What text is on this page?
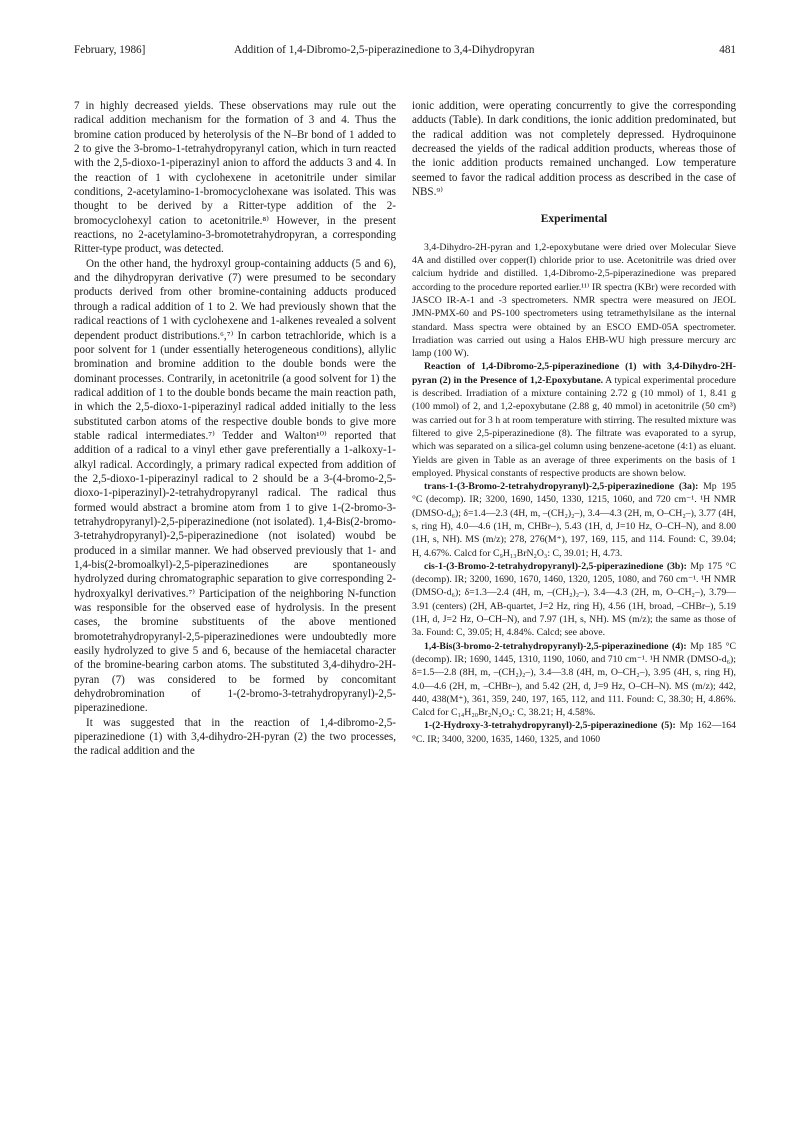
February, 1986]	Addition of 1,4-Dibromo-2,5-piperazinedione to 3,4-Dihydropyran	481

7 in highly decreased yields. These observations may rule out the radical addition mechanism for the formation of 3 and 4. Thus the bromine cation produced by heterolysis of the N–Br bond of 1 added to 2 to give the 3-bromo-1-tetrahydropyranyl cation, which in turn reacted with the 2,5-dioxo-1-piperazinyl anion to afford the adducts 3 and 4. In the reaction of 1 with cyclohexene in acetonitrile under similar conditions, 2-acetylamino-1-bromocyclohexane was isolated. This was thought to be derived by a Ritter-type addition of the 2-bromocyclohexyl cation to acetonitrile.⁸⁾ However, in the present reactions, no 2-acetylamino-3-bromotetrahydropyran, a corresponding Ritter-type product, was detected.

On the other hand, the hydroxyl group-containing adducts (5 and 6), and the dihydropyran derivative (7) were presumed to be secondary products derived from other bromine-containing adducts produced through a radical addition of 1 to 2. We had previously shown that the radical reactions of 1 with cyclohexene and 1-alkenes revealed a solvent dependent product distributions.⁶,⁷⁾ In carbon tetrachloride, which is a poor solvent for 1 (under essentially heterogeneous conditions), allylic bromination and bromine addition to the double bonds were the dominant processes. Contrarily, in acetonitrile (a good solvent for 1) the radical addition of 1 to the double bonds became the main reaction path, in which the 2,5-dioxo-1-piperazinyl radical added initially to the less substituted carbon atoms of the respective double bonds to give more stable radical intermediates.⁷⁾ Tedder and Walton¹⁰⁾ reported that addition of a radical to a vinyl ether gave preferentially a 1-alkoxy-1-alkyl radical. Accordingly, a primary radical expected from addition of the 2,5-dioxo-1-piperazinyl radical to 2 should be a 3-(4-bromo-2,5-dioxo-1-piperazinyl)-2-tetrahydropyranyl radical. The radical thus formed would abstract a bromine atom from 1 to give 1-(2-bromo-3-tetrahydropyranyl)-2,5-piperazinedione (not isolated). 1,4-Bis(2-bromo-3-tetrahydropyranyl)-2,5-piperazinedione (not isolated) woubd be produced in a similar manner. We had observed previously that 1- and 1,4-bis(2-bromoalkyl)-2,5-piperazinediones are spontaneously hydrolyzed during chromatographic separation to give corresponding 2-hydroxyalkyl derivatives.⁷⁾ Participation of the neighboring N-function was responsible for the observed ease of hydrolysis. In the present cases, the bromine substituents of the above mentioned bromotetrahydropyranyl-2,5-piperazinediones were undoubtedly more easily hydrolyzed to give 5 and 6, because of the hemiacetal character of the bromine-bearing carbon atoms. The substituted 3,4-dihydro-2H-pyran (7) was considered to be formed by concomitant dehydrobromination of 1-(2-bromo-3-tetrahydropyranyl)-2,5-piperazinedione.

It was suggested that in the reaction of 1,4-dibromo-2,5-piperazinedione (1) with 3,4-dihydro-2H-pyran (2) the two processes, the radical addition and the

ionic addition, were operating concurrently to give the corresponding adducts (Table). In dark conditions, the ionic addition predominated, but the radical addition was not completely depressed. Hydroquinone decreased the yields of the radical addition products, whereas those of the ionic addition products remained unchanged. Low temperature seemed to favor the radical addition process as described in the case of NBS.⁹⁾

Experimental

3,4-Dihydro-2H-pyran and 1,2-epoxybutane were dried over Molecular Sieve 4A and distilled over copper(I) chloride prior to use. Acetonitrile was dried over calcium hydride and distilled. 1,4-Dibromo-2,5-piperazinedione was prepared according to the procedure reported earlier.¹¹⁾ IR spectra (KBr) were recorded with JASCO IR-A-1 and -3 spectrometers. NMR spectra were measured on JEOL JMN-PMX-60 and PS-100 spectrometers using tetramethylsilane as the internal standard. Mass spectra were obtained by an ESCO EMD-05A spectrometer. Irradiation was carried out using a Halos EHB-WU high pressure mercury arc lamp (100 W).

Reaction of 1,4-Dibromo-2,5-piperazinedione (1) with 3,4-Dihydro-2H-pyran (2) in the Presence of 1,2-Epoxybutane. A typical experimental procedure is described. Irradiation of a mixture containing 2.72 g (10 mmol) of 1, 8.41 g (100 mmol) of 2, and 1,2-epoxybutane (2.88 g, 40 mmol) in acetonitrile (50 cm³) was carried out for 3 h at room temperature with stirring. The resulted mixture was filtered to give 2,5-piperazinedione (8). The filtrate was evaporated to a syrup, which was separated on a silica-gel column using benzene-acetone (4:1) as eluant. Yields are given in Table as an average of three experiments on the basis of 1 employed. Physical constants of respective products are shown below.

trans-1-(3-Bromo-2-tetrahydropyranyl)-2,5-piperazinedione (3a): Mp 195 °C (decomp). IR; 3200, 1690, 1450, 1330, 1215, 1060, and 720 cm⁻¹. ¹H NMR (DMSO-d₆); δ=1.4—2.3 (4H, m, –(CH₂)₂–), 3.4—4.3 (2H, m, O–CH₂–), 3.77 (4H, s, ring H), 4.0—4.6 (1H, m, CHBr–), 5.43 (1H, d, J=10 Hz, O–CH–N), and 8.00 (1H, s, NH). MS (m/z); 278, 276(M⁺), 197, 169, 115, and 114. Found: C, 39.04; H, 4.67%. Calcd for C₉H₁₃BrN₂O₃: C, 39.01; H, 4.73.

cis-1-(3-Bromo-2-tetrahydropyranyl)-2,5-piperazinedione (3b): Mp 175 °C (decomp). IR; 3200, 1690, 1670, 1460, 1320, 1205, 1080, and 760 cm⁻¹. ¹H NMR (DMSO-d₆); δ=1.3—2.4 (4H, m, –(CH₂)₂–), 3.4—4.3 (2H, m, O–CH₂–), 3.79—3.91 (centers) (2H, AB-quartet, J=2 Hz, ring H), 4.56 (1H, broad, –CHBr–), 5.19 (1H, d, J=2 Hz, O–CH–N), and 7.97 (1H, s, NH). MS (m/z); the same as those of 3a. Found: C, 39.05; H, 4.84%. Calcd; see above.

1,4-Bis(3-bromo-2-tetrahydropyranyl)-2,5-piperazinedione (4): Mp 185 °C (decomp). IR; 1690, 1445, 1310, 1190, 1060, and 710 cm⁻¹. ¹H NMR (DMSO-d₆); δ=1.5—2.8 (8H, m, –(CH₂)₂–), 3.4—3.8 (4H, m, O–CH₂–), 3.95 (4H, s, ring H), 4.0—4.6 (2H, m, –CHBr–), and 5.42 (2H, d, J=9 Hz, O–CH–N). MS (m/z); 442, 440, 438(M⁺), 361, 359, 240, 197, 165, 112, and 111. Found: C, 38.30; H, 4.86%. Calcd for C₁₄H₂₀Br₂N₂O₄: C, 38.21; H, 4.58%.

1-(2-Hydroxy-3-tetrahydropyranyl)-2,5-piperazinedione (5): Mp 162—164 °C. IR; 3400, 3200, 1635, 1460, 1325, and 1060
